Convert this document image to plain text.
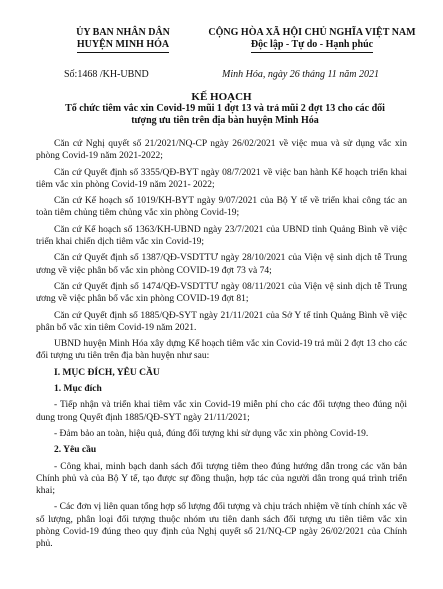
ỦY BAN NHÂN DÂN
HUYỆN MINH HÓA
CỘNG HÒA XÃ HỘI CHỦ NGHĨA VIỆT NAM
Độc lập - Tự do - Hạnh phúc
Số:1468 /KH-UBND	Minh Hóa, ngày 26 tháng 11 năm 2021
KẾ HOẠCH
Tổ chức tiêm vắc xin Covid-19 mũi 1 đợt 13 và trả mũi 2 đợt 13 cho các đối tượng ưu tiên trên địa bàn huyện Minh Hóa

Căn cứ Nghị quyết số 21/2021/NQ-CP ngày 26/02/2021 về việc mua và sử dụng vắc xin phòng Covid-19 năm 2021-2022;

Căn cứ Quyết định số 3355/QĐ-BYT ngày 08/7/2021 về việc ban hành Kế hoạch triển khai tiêm vắc xin phòng Covid-19 năm 2021- 2022;

Căn cứ Kế hoạch số 1019/KH-BYT ngày 9/07/2021 của Bộ Y tế về triển khai công tác an toàn tiêm chủng tiêm chủng vắc xin phòng Covid-19;

Căn cứ Kế hoạch số 1363/KH-UBND ngày 23/7/2021 của UBND tỉnh Quảng Bình về việc triển khai chiến dịch tiêm vắc xin Covid-19;

Căn cứ Quyết định số 1387/QĐ-VSDTTƯ ngày 28/10/2021 của Viện vệ sinh dịch tễ Trung ương về việc phân bổ vắc xin phòng COVID-19 đợt 73 và 74;

Căn cứ Quyết định số 1474/QĐ-VSDTTƯ ngày 08/11/2021 của Viện vệ sinh dịch tễ Trung ương về việc phân bổ vắc xin phòng COVID-19 đợt 81;

Căn cứ Quyết định số 1885/QĐ-SYT ngày 21/11/2021 của Sở Y tế tỉnh Quảng Bình về việc phân bổ vắc xin tiêm Covid-19 năm 2021.

UBND huyện Minh Hóa xây dựng Kế hoạch tiêm vắc xin Covid-19 trả mũi 2 đợt 13 cho các đối tượng ưu tiên trên địa bàn huyện như sau:

I. MỤC ĐÍCH, YÊU CẦU
1. Mục đích

- Tiếp nhận và triển khai tiêm vắc xin Covid-19 miễn phí cho các đối tượng theo đúng nội dung trong Quyết định 1885/QĐ-SYT ngày 21/11/2021;

- Đảm bảo an toàn, hiệu quả, đúng đối tượng khi sử dụng vắc xin phòng Covid-19.

2. Yêu cầu

- Công khai, minh bạch danh sách đối tượng tiêm theo đúng hướng dẫn trong các văn bản Chính phủ và của Bộ Y tế, tạo được sự đồng thuận, hợp tác của người dân trong quá trình triển khai;

- Các đơn vị liên quan tổng hợp số lượng đối tượng và chịu trách nhiệm về tính chính xác về số lượng, phân loại đối tượng thuộc nhóm ưu tiên danh sách đối tượng ưu tiên tiêm vắc xin phòng Covid-19 đúng theo quy định của Nghị quyết số 21/NQ-CP ngày 26/02/2021 của Chính phủ.
